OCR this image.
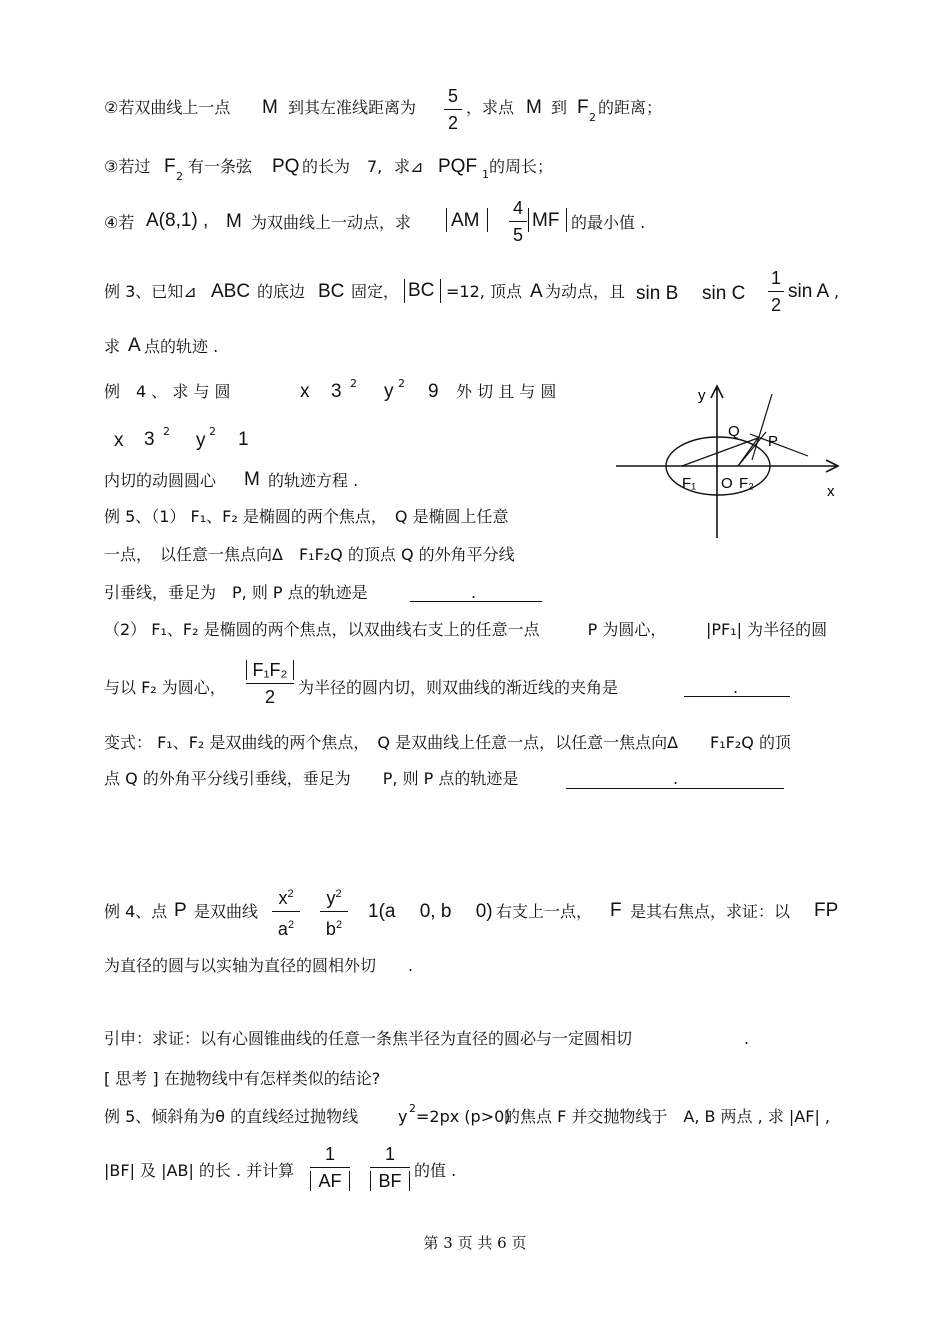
②若双曲线上一点 M 到其左准线距离为
5
2
，求点 M 到 F 2
的距离；
③若过 F 2
有一条弦 PQ 的长为 7, 求⊿ PQF 1 的周长；
④若 A(8,1) , M 为双曲线上一动点，求 AM
4
5
MF 的最小值 .
例 3、已知⊿ ABC 的底边 BC 固定， BC =12, 顶点 A 为动点，且 sin B sin C
1
2
sin A ,
求 A 点的轨迹 .
例　4 、 求 与 圆	x 3 2 y 2 9 外 切 且 与 圆
x 3 2 y 2 1
内切的动圆圆心 M 的轨迹方程 .
y
x
Q
P
F₁ O F₂
例 5、（1） F₁、F₂ 是椭圆的两个焦点，　Q 是椭圆上任意
一点，　以任意一焦点向Δ　F₁F₂Q 的顶点 Q 的外角平分线
引垂线，垂足为　P, 则 P 点的轨迹是	.
（2） F₁、F₂ 是椭圆的两个焦点，以双曲线右支上的任意一点　　　P 为圆心， |PF₁| 为半径的圆
与以 F₂ 为圆心，
F₁F₂
2	为半径的圆内切，则双曲线的渐近线的夹角是	.
变式： F₁、F₂ 是双曲线的两个焦点，　Q 是双曲线上任意一点，以任意一焦点向Δ　　F₁F₂Q 的顶
点 Q 的外角平分线引垂线，垂足为　　P, 则 P 点的轨迹是	.
例 4、点 P 是双曲线
$x^2$
$a^2$
$y^2$
$b^2$
1(a　 0, b　 0) 右支上一点， F 是其右焦点，求证：以 FP
为直径的圆与以实轴为直径的圆相外切　　.
引申：求证：以有心圆锥曲线的任意一条焦半径为直径的圆必与一定圆相切	.
[ 思考 ] 在抛物线中有怎样类似的结论?
例 5、倾斜角为θ 的直线经过抛物线 y 2 =2px (p>0)
的焦点 F 并交抛物线于　A, B 两点 , 求 |AF| ,
|BF| 及 |AB| 的长 . 并计算
1
AF
1
BF
的值 .
第 3 页 共 6 页
